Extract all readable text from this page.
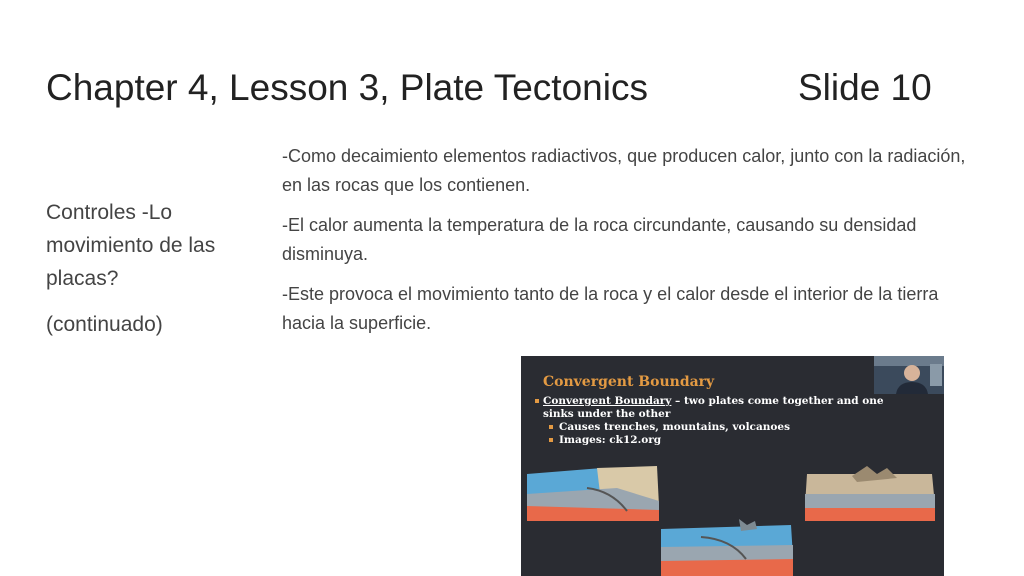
Chapter 4, Lesson 3, Plate Tectonics	Slide 10

Controles -Lo movimiento de las placas?

(continuado)

-Como decaimiento elementos radiactivos, que producen calor, junto con la radiación, en las rocas que los contienen.

-El calor aumenta la temperatura de la roca circundante, causando su densidad disminuya.

-Este provoca el movimiento tanto de la roca y el calor desde el interior de la tierra hacia la superficie.

Convergent Boundary
Convergent Boundary – two plates come together and one sinks under the other
Causes trenches, mountains, volcanoes
Images: ck12.org
